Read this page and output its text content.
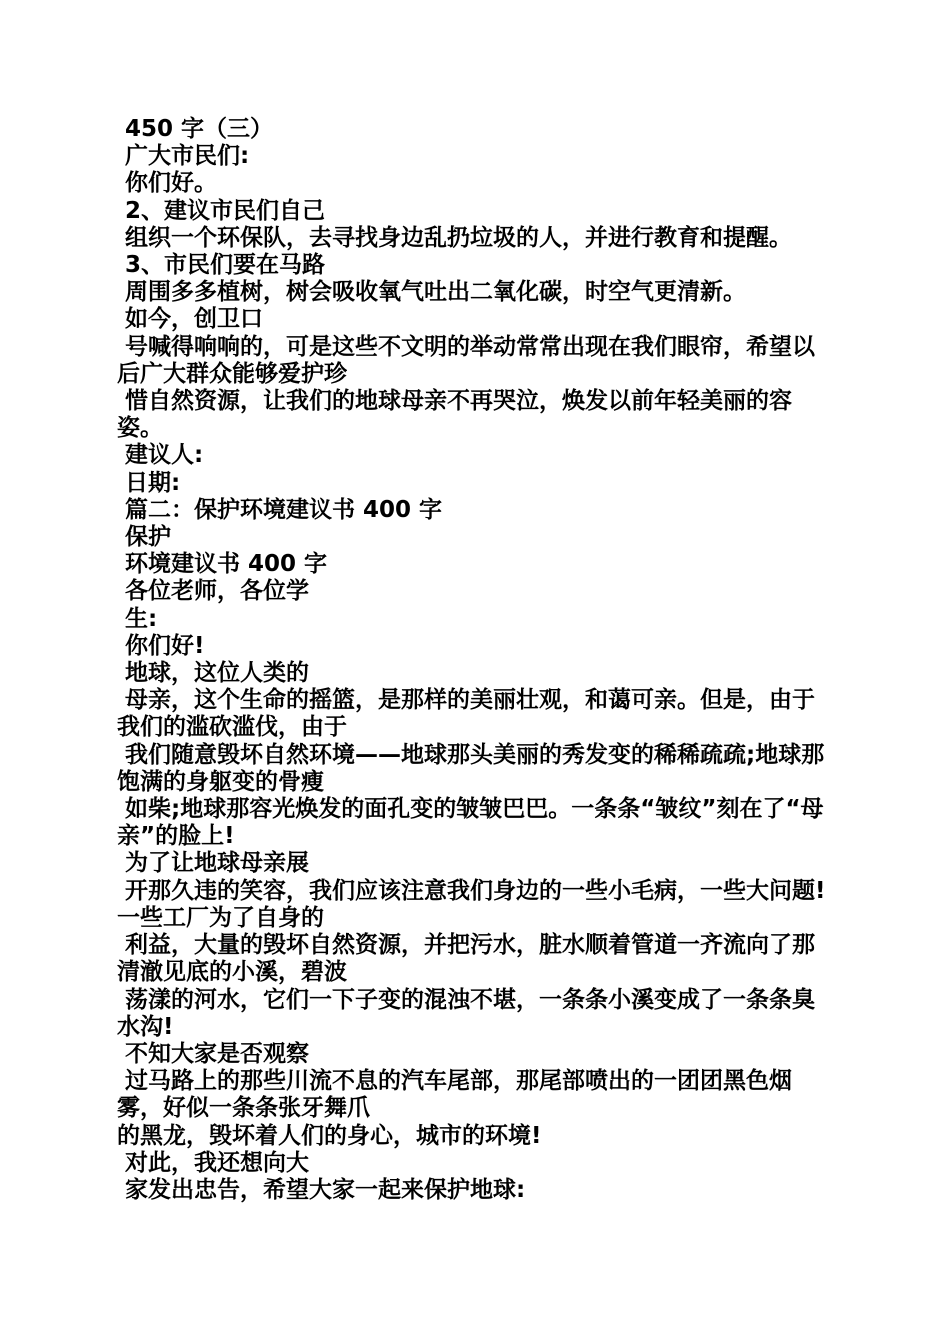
450 字（三）

广大市民们:

你们好。

2、建议市民们自己

组织一个环保队，去寻找身边乱扔垃圾的人，并进行教育和提醒。

3、市民们要在马路

周围多多植树，树会吸收氧气吐出二氧化碳，时空气更清新。

如今，创卫口

号喊得响响的，可是这些不文明的举动常常出现在我们眼帘，希望以后广大群众能够爱护珍

惜自然资源，让我们的地球母亲不再哭泣，焕发以前年轻美丽的容姿。

建议人:

日期:

篇二：保护环境建议书 400 字

保护

环境建议书 400 字

各位老师，各位学

生:

你们好!

地球，这位人类的

母亲，这个生命的摇篮，是那样的美丽壮观，和蔼可亲。但是，由于我们的滥砍滥伐，由于

我们随意毁坏自然环境——地球那头美丽的秀发变的稀稀疏疏;地球那饱满的身躯变的骨瘦

如柴;地球那容光焕发的面孔变的皱皱巴巴。一条条“皱纹”刻在了“母亲”的脸上!

为了让地球母亲展

开那久违的笑容，我们应该注意我们身边的一些小毛病，一些大问题! 一些工厂为了自身的

利益，大量的毁坏自然资源，并把污水，脏水顺着管道一齐流向了那清澈见底的小溪，碧波

荡漾的河水，它们一下子变的混浊不堪，一条条小溪变成了一条条臭水沟!

不知大家是否观察

过马路上的那些川流不息的汽车尾部，那尾部喷出的一团团黑色烟雾，好似一条条张牙舞爪

的黑龙，毁坏着人们的身心，城市的环境!

对此，我还想向大

家发出忠告，希望大家一起来保护地球:
